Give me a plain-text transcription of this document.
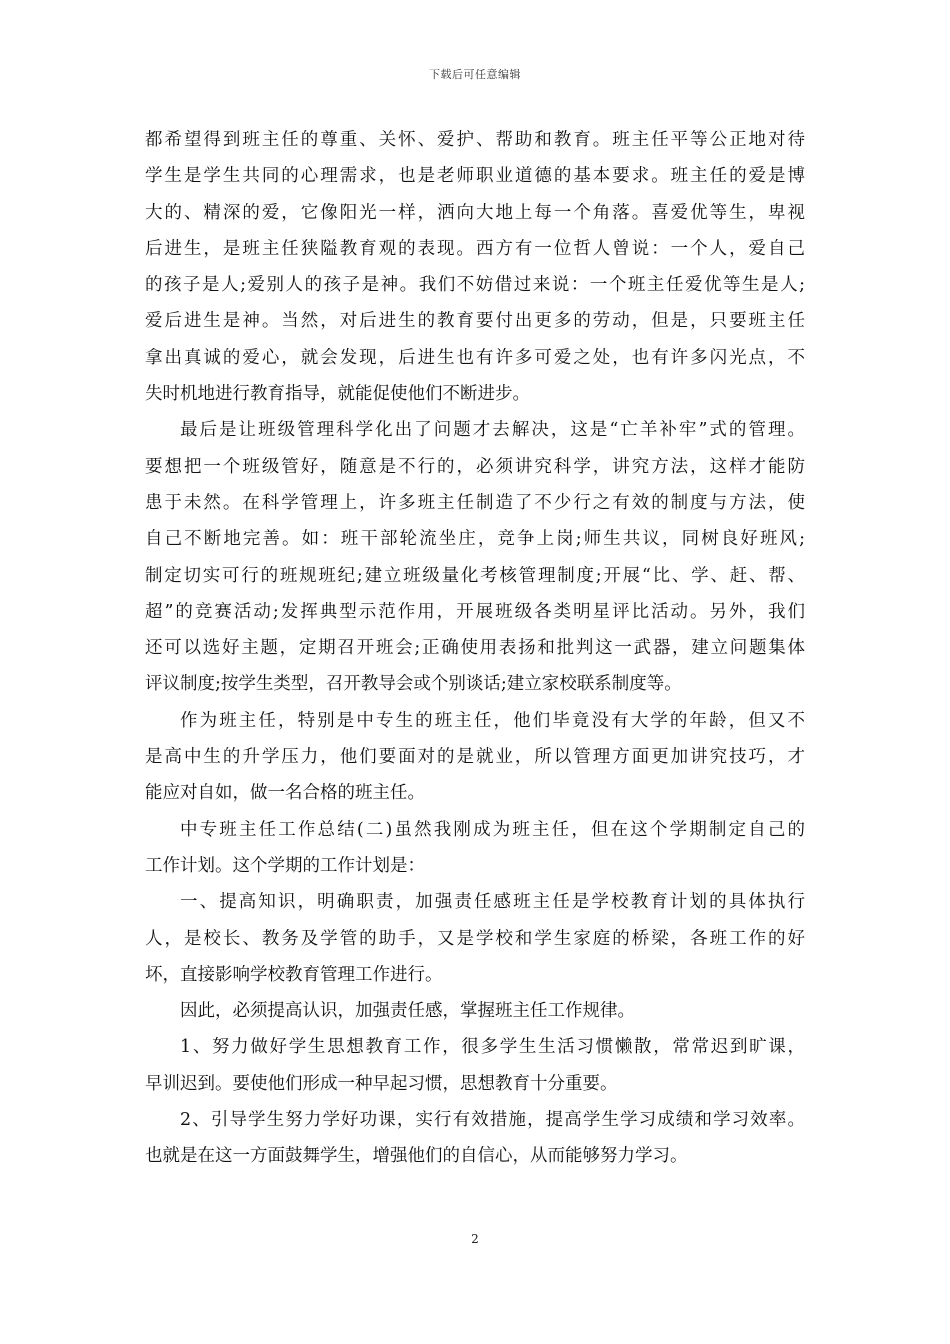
下载后可任意编辑
都希望得到班主任的尊重、关怀、爱护、帮助和教育。班主任平等公正地对待
学生是学生共同的心理需求，也是老师职业道德的基本要求。班主任的爱是博
大的、精深的爱，它像阳光一样，洒向大地上每一个角落。喜爱优等生，卑视
后进生，是班主任狭隘教育观的表现。西方有一位哲人曾说：一个人，爱自己
的孩子是人;爱别人的孩子是神。我们不妨借过来说：一个班主任爱优等生是人;
爱后进生是神。当然，对后进生的教育要付出更多的劳动，但是，只要班主任
拿出真诚的爱心，就会发现，后进生也有许多可爱之处，也有许多闪光点，不
失时机地进行教育指导，就能促使他们不断进步。
最后是让班级管理科学化出了问题才去解决，这是“亡羊补牢”式的管理。
要想把一个班级管好，随意是不行的，必须讲究科学，讲究方法，这样才能防
患于未然。在科学管理上，许多班主任制造了不少行之有效的制度与方法，使
自己不断地完善。如：班干部轮流坐庄，竞争上岗;师生共议，同树良好班风;
制定切实可行的班规班纪;建立班级量化考核管理制度;开展“比、学、赶、帮、
超”的竞赛活动;发挥典型示范作用，开展班级各类明星评比活动。另外，我们
还可以选好主题，定期召开班会;正确使用表扬和批判这一武器，建立问题集体
评议制度;按学生类型，召开教导会或个别谈话;建立家校联系制度等。
作为班主任，特别是中专生的班主任，他们毕竟没有大学的年龄，但又不
是高中生的升学压力，他们要面对的是就业，所以管理方面更加讲究技巧，才
能应对自如，做一名合格的班主任。
中专班主任工作总结(二)虽然我刚成为班主任，但在这个学期制定自己的
工作计划。这个学期的工作计划是：
一、提高知识，明确职责，加强责任感班主任是学校教育计划的具体执行
人，是校长、教务及学管的助手，又是学校和学生家庭的桥梁，各班工作的好
坏，直接影响学校教育管理工作进行。
因此，必须提高认识，加强责任感，掌握班主任工作规律。
1、努力做好学生思想教育工作，很多学生生活习惯懒散，常常迟到旷课，
早训迟到。要使他们形成一种早起习惯，思想教育十分重要。
2、引导学生努力学好功课，实行有效措施，提高学生学习成绩和学习效率。
也就是在这一方面鼓舞学生，增强他们的自信心，从而能够努力学习。
2
